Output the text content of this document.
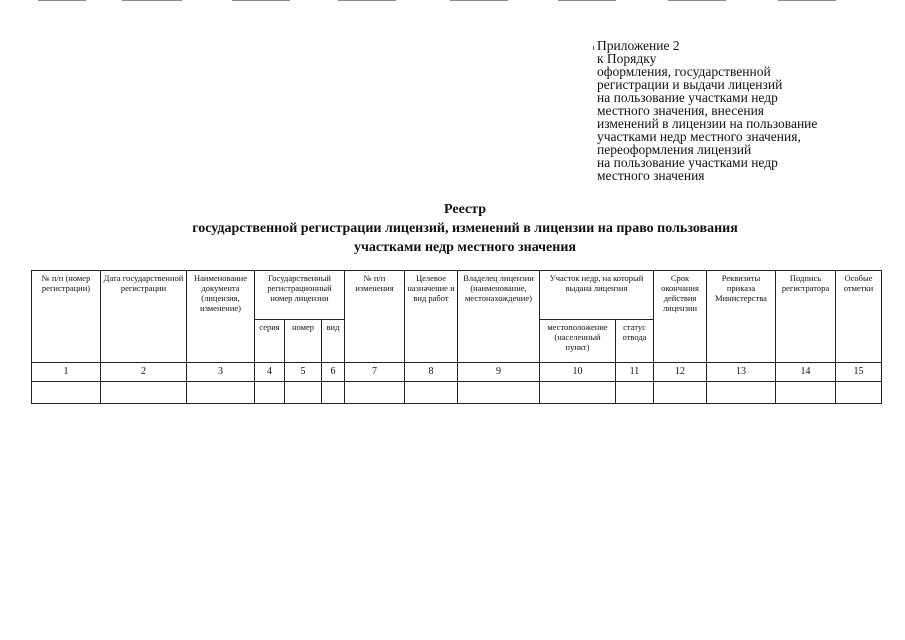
Приложение 2
к Порядку
оформления, государственной
регистрации и выдачи лицензий
на пользование участками недр
местного значения, внесения
изменений в лицензии на пользование
участками недр местного значения,
переоформления лицензий
на пользование участками недр
местного значения
Реестр
государственной регистрации лицензий, изменений в лицензии на право пользования
участками недр местного значения
№ п/п (номер регистрации)	Дата государственной регистрации	Наименование документа (лицензия, изменение)	Государственный регистрационный номер лицензии			№ п/п изменения	Целевое назначение и вид работ	Владелец лицензии (наименование, местонахождение)	Участок недр, на который выдана лицензия		Срок окончания действия лицензии	Реквизиты приказа Министерства	Подпись регистратора	Особые отметки
			серия	номер	вид				местоположение (населенный пункт)	статус отвода				
1	2	3	4	5	6	7	8	9	10	11	12	13	14	15
